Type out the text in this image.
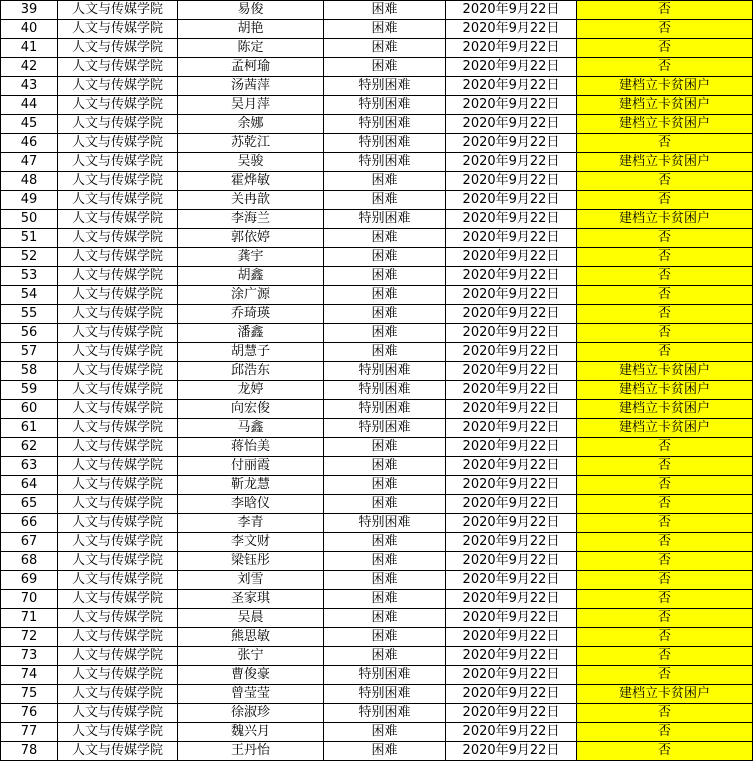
39	人文与传媒学院	易俊	困难	2020年9月22日	否
40	人文与传媒学院	胡艳	困难	2020年9月22日	否
41	人文与传媒学院	陈定	困难	2020年9月22日	否
42	人文与传媒学院	孟柯瑜	困难	2020年9月22日	否
43	人文与传媒学院	汤茜萍	特别困难	2020年9月22日	建档立卡贫困户
44	人文与传媒学院	吴月萍	特别困难	2020年9月22日	建档立卡贫困户
45	人文与传媒学院	余娜	特别困难	2020年9月22日	建档立卡贫困户
46	人文与传媒学院	苏乾江	特别困难	2020年9月22日	否
47	人文与传媒学院	吴骏	特别困难	2020年9月22日	建档立卡贫困户
48	人文与传媒学院	霍烨敏	困难	2020年9月22日	否
49	人文与传媒学院	关冉歆	困难	2020年9月22日	否
50	人文与传媒学院	李海兰	特别困难	2020年9月22日	建档立卡贫困户
51	人文与传媒学院	郭依婷	困难	2020年9月22日	否
52	人文与传媒学院	龚宇	困难	2020年9月22日	否
53	人文与传媒学院	胡鑫	困难	2020年9月22日	否
54	人文与传媒学院	涂广源	困难	2020年9月22日	否
55	人文与传媒学院	乔琦瑛	困难	2020年9月22日	否
56	人文与传媒学院	潘鑫	困难	2020年9月22日	否
57	人文与传媒学院	胡慧子	困难	2020年9月22日	否
58	人文与传媒学院	邱浩东	特别困难	2020年9月22日	建档立卡贫困户
59	人文与传媒学院	龙婷	特别困难	2020年9月22日	建档立卡贫困户
60	人文与传媒学院	向宏俊	特别困难	2020年9月22日	建档立卡贫困户
61	人文与传媒学院	马鑫	特别困难	2020年9月22日	建档立卡贫困户
62	人文与传媒学院	蒋怡美	困难	2020年9月22日	否
63	人文与传媒学院	付丽霞	困难	2020年9月22日	否
64	人文与传媒学院	靳龙慧	困难	2020年9月22日	否
65	人文与传媒学院	李晗仪	困难	2020年9月22日	否
66	人文与传媒学院	李青	特别困难	2020年9月22日	否
67	人文与传媒学院	李文财	困难	2020年9月22日	否
68	人文与传媒学院	梁钰彤	困难	2020年9月22日	否
69	人文与传媒学院	刘雪	困难	2020年9月22日	否
70	人文与传媒学院	圣家琪	困难	2020年9月22日	否
71	人文与传媒学院	吴晨	困难	2020年9月22日	否
72	人文与传媒学院	熊思敏	困难	2020年9月22日	否
73	人文与传媒学院	张宁	困难	2020年9月22日	否
74	人文与传媒学院	曹俊豪	特别困难	2020年9月22日	否
75	人文与传媒学院	曾莹莹	特别困难	2020年9月22日	建档立卡贫困户
76	人文与传媒学院	徐淑珍	特别困难	2020年9月22日	否
77	人文与传媒学院	魏兴月	困难	2020年9月22日	否
78	人文与传媒学院	王丹怡	困难	2020年9月22日	否
